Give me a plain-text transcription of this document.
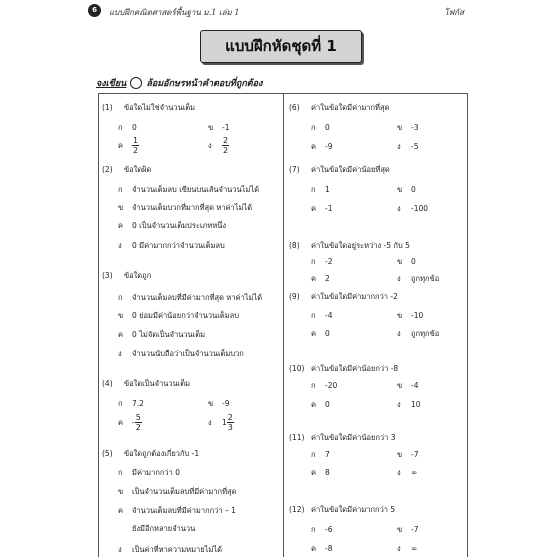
6	แบบฝึกคณิตศาสตร์พื้นฐาน ม.1 เล่ม 1	โฟกัส
แบบฝึกหัดชุดที่ 1
จงเขียน ล้อมอักษรหน้าคำตอบที่ถูกต้อง
(1) ข้อใดไม่ใช่จำนวนเต็ม
ก 0	ข -1
ค $\frac{1}{2}$	ง $\frac{2}{2}$
(2) ข้อใดผิด
ก จำนวนเต็มลบ เขียนบนเส้นจำนวนไม่ได้
ข จำนวนเต็มบวกที่มากที่สุด หาค่าไม่ได้
ค 0 เป็นจำนวนเต็มประเภทหนึ่ง
ง 0 มีค่ามากกว่าจำนวนเต็มลบ
(3) ข้อใดถูก
ก จำนวนเต็มลบที่มีค่ามากที่สุด หาค่าไม่ได้
ข 0 ย่อมมีค่าน้อยกว่าจำนวนเต็มลบ
ค 0 ไม่จัดเป็นจำนวนเต็ม
ง จำนวนนับถือว่าเป็นจำนวนเต็มบวก
(4) ข้อใดเป็นจำนวนเต็ม
ก 7.2	ข -9
ค - $\frac{5}{2}$	ง $1 \frac{2}{3}$
(5) ข้อใดถูกต้องเกี่ยวกับ -1
ก มีค่ามากกว่า 0
ข เป็นจำนวนเต็มลบที่มีค่ามากที่สุด
ค จำนวนเต็มลบที่มีค่ามากกว่า – 1
ยังมีอีกหลายจำนวน
ง เป็นค่าที่หาความหมายไม่ได้
(6) ค่าในข้อใดมีค่ามากที่สุด
ก 0	ข -3
ค -9	ง -5
(7) ค่าในข้อใดมีค่าน้อยที่สุด
ก 1	ข 0
ค -1	ง -100
(8) ค่าในข้อใดอยู่ระหว่าง -5 กับ 5
ก -2	ข 0
ค 2	ง ถูกทุกข้อ
(9) ค่าในข้อใดมีค่ามากกว่า -2
ก -4	ข -10
ค 0	ง ถูกทุกข้อ
(10) ค่าในข้อใดมีค่าน้อยกว่า -8
ก -20	ข -4
ค 0	ง 10
(11) ค่าในข้อใดมีค่าน้อยกว่า 3
ก 7	ข -7
ค 8	ง ∞
(12) ค่าในข้อใดมีค่ามากกว่า 5
ก -6	ข -7
ค -8	ง ∞
